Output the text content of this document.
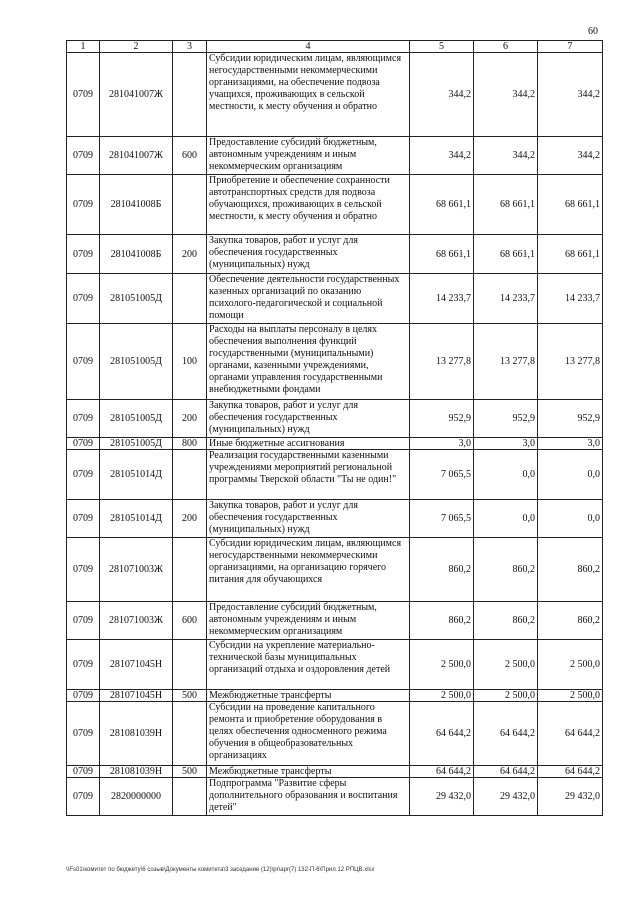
60
1	2	3	4	5	6	7
0709	281041007Ж		Субсидии юридическим лицам, являющимся негосударственными некоммерческими организациями, на обеспечение подвоза учащихся, проживающих в сельской местности, к месту обучения и обратно	344,2	344,2	344,2
0709	281041007Ж	600	Предоставление субсидий бюджетным, автономным учреждениям и иным некоммерческим организациям	344,2	344,2	344,2
0709	281041008Б		Приобретение и обеспечение сохранности автотранспортных средств для подвоза обучающихся, проживающих в сельской местности, к месту обучения и обратно	68 661,1	68 661,1	68 661,1
0709	281041008Б	200	Закупка товаров, работ и услуг для обеспечения государственных (муниципальных) нужд	68 661,1	68 661,1	68 661,1
0709	281051005Д		Обеспечение деятельности государственных казенных организаций по оказанию психолого-педагогической и социальной помощи	14 233,7	14 233,7	14 233,7
0709	281051005Д	100	Расходы на выплаты персоналу в целях обеспечения выполнения функций государственными (муниципальными) органами, казенными учреждениями, органами управления государственными внебюджетными фондами	13 277,8	13 277,8	13 277,8
0709	281051005Д	200	Закупка товаров, работ и услуг для обеспечения государственных (муниципальных) нужд	952,9	952,9	952,9
0709	281051005Д	800	Иные бюджетные ассигнования	3,0	3,0	3,0
0709	281051014Д		Реализация государственными казенными учреждениями мероприятий региональной программы Тверской области "Ты не один!"	7 065,5	0,0	0,0
0709	281051014Д	200	Закупка товаров, работ и услуг для обеспечения государственных (муниципальных) нужд	7 065,5	0,0	0,0
0709	281071003Ж		Субсидии юридическим лицам, являющимся негосударственными некоммерческими организациями, на организацию горячего питания для обучающихся	860,2	860,2	860,2
0709	281071003Ж	600	Предоставление субсидий бюджетным, автономным учреждениям и иным некоммерческим организациям	860,2	860,2	860,2
0709	281071045Н		Субсидии на укрепление материально-технической базы муниципальных организаций отдыха и оздоровления детей	2 500,0	2 500,0	2 500,0
0709	281071045Н	500	Межбюджетные трансферты	2 500,0	2 500,0	2 500,0
0709	281081039Н		Субсидии на проведение капитального ремонта и приобретение оборудования в целях обеспечения односменного режима обучения в общеобразовательных организациях	64 644,2	64 644,2	64 644,2
0709	281081039Н	500	Межбюджетные трансферты	64 644,2	64 644,2	64 644,2
0709	2820000000		Подпрограмма "Развитие сферы дополнительного образования и воспитания детей"	29 432,0	29 432,0	29 432,0
\\Fs01\комитет по бюджету\6 созыв\Документы комитета\3 заседание (12)\pr\apr(7) 132-П-6\Прил 12 РПЦВ.xlsx
